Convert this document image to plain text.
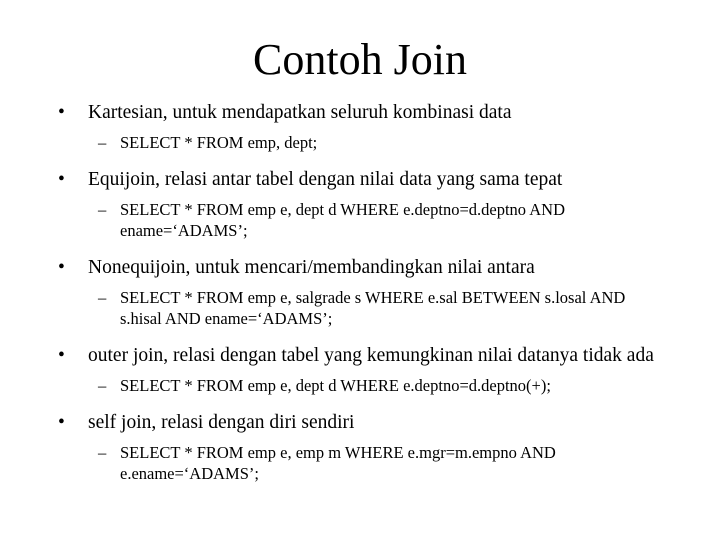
Contoh Join
•	Kartesian, untuk mendapatkan seluruh kombinasi data
– SELECT * FROM emp, dept;
•	Equijoin, relasi antar tabel dengan nilai data yang sama tepat
– SELECT * FROM emp e, dept d WHERE e.deptno=d.deptno AND ename=‘ADAMS’;
•	Nonequijoin, untuk mencari/membandingkan nilai antara
– SELECT * FROM emp e, salgrade s WHERE e.sal BETWEEN s.losal AND s.hisal AND ename=‘ADAMS’;
•	outer join, relasi dengan tabel yang kemungkinan nilai datanya tidak ada
– SELECT * FROM emp e, dept d WHERE e.deptno=d.deptno(+);
•	self join, relasi dengan diri sendiri
– SELECT * FROM emp e, emp m WHERE e.mgr=m.empno AND e.ename=‘ADAMS’;
